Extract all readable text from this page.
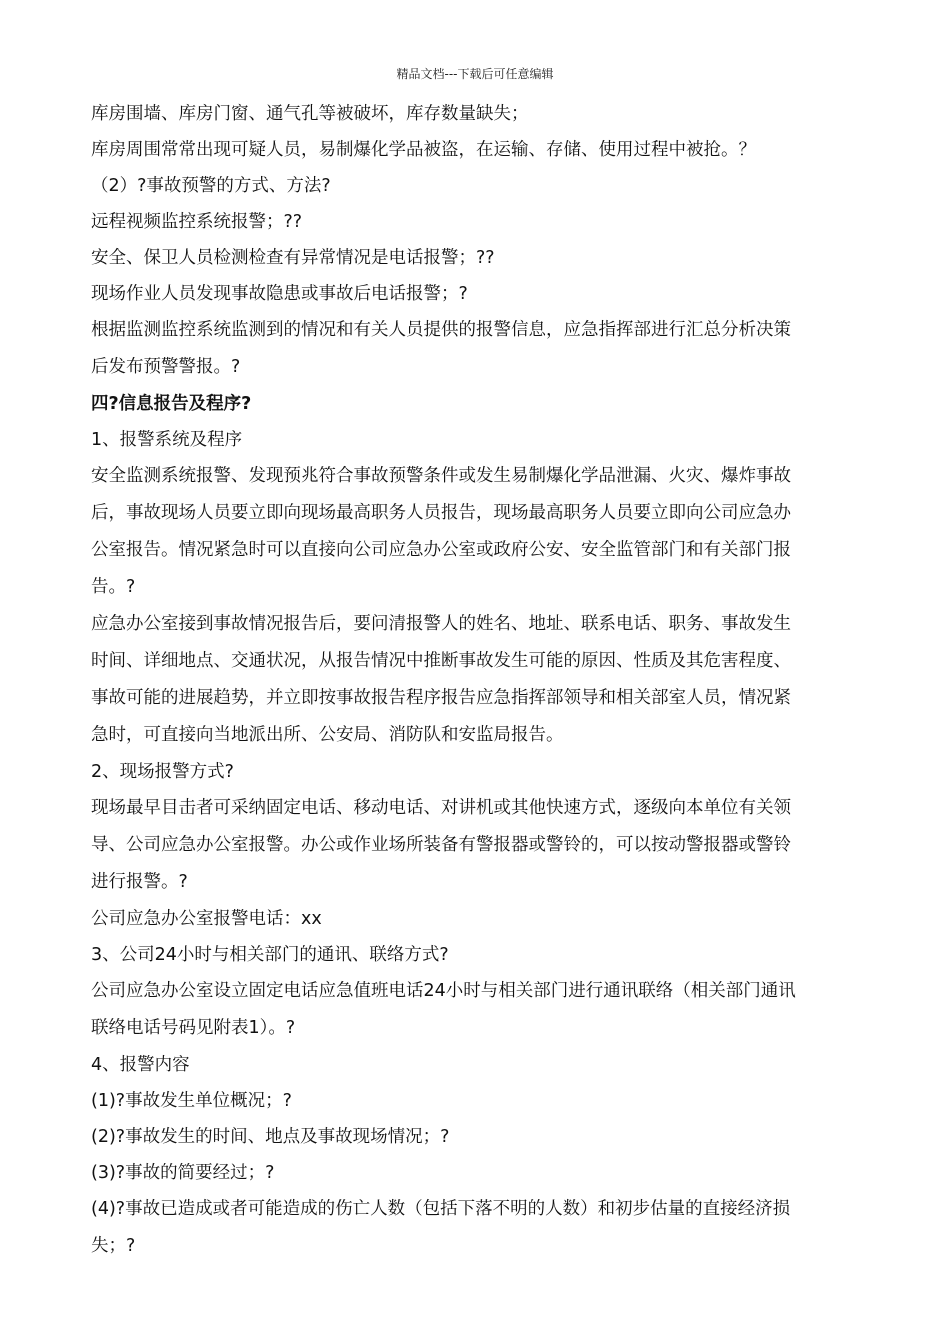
精品文档---下载后可任意编辑

库房围墙、库房门窗、通气孔等被破坏，库存数量缺失；

库房周围常常出现可疑人员，易制爆化学品被盗，在运输、存储、使用过程中被抢。？

（2）?事故预警的方式、方法?

远程视频监控系统报警；??

安全、保卫人员检测检查有异常情况是电话报警；??

现场作业人员发现事故隐患或事故后电话报警；?

根据监测监控系统监测到的情况和有关人员提供的报警信息，应急指挥部进行汇总分析决策

后发布预警警报。?

四?信息报告及程序?

1、报警系统及程序

安全监测系统报警、发现预兆符合事故预警条件或发生易制爆化学品泄漏、火灾、爆炸事故

后，事故现场人员要立即向现场最高职务人员报告，现场最高职务人员要立即向公司应急办

公室报告。情况紧急时可以直接向公司应急办公室或政府公安、安全监管部门和有关部门报

告。?

应急办公室接到事故情况报告后，要问清报警人的姓名、地址、联系电话、职务、事故发生

时间、详细地点、交通状况，从报告情况中推断事故发生可能的原因、性质及其危害程度、

事故可能的进展趋势，并立即按事故报告程序报告应急指挥部领导和相关部室人员，情况紧

急时，可直接向当地派出所、公安局、消防队和安监局报告。

2、现场报警方式?

现场最早目击者可采纳固定电话、移动电话、对讲机或其他快速方式，逐级向本单位有关领

导、公司应急办公室报警。办公或作业场所装备有警报器或警铃的，可以按动警报器或警铃

进行报警。?

公司应急办公室报警电话：xx

3、公司24小时与相关部门的通讯、联络方式?

公司应急办公室设立固定电话应急值班电话24小时与相关部门进行通讯联络（相关部门通讯

联络电话号码见附表1）。?

4、报警内容

(1)?事故发生单位概况；?

(2)?事故发生的时间、地点及事故现场情况；?

(3)?事故的简要经过；?

(4)?事故已造成或者可能造成的伤亡人数（包括下落不明的人数）和初步估量的直接经济损

失；?
